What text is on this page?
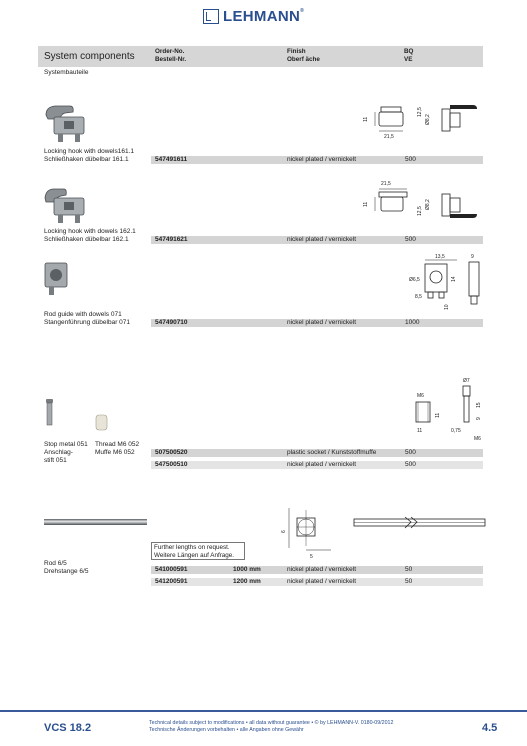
LEHMANN®
System components	Order-No.
Bestell-Nr.
Finish
Oberf äche
BQ
VE
Systembauteile
11
21,5
12,5
Ø8,2
Locking hook with dowels161.1
Schließhaken dübelbar 161.1	547491611	nickel plated / vernickelt	500
21,5
11
12,5
Ø8,2
Locking hook with dowels 162.1
Schließhaken dübelbar 162.1	547491621	nickel plated / vernickelt	500
13,5	9
Ø6,5	14
8,5
10
Rod guide with dowels 071
Stangenführung dübelbar 071	547490710	nickel plated / vernickelt	1000
M6
11
11
Ø7
15
9
0,75
M6
Stop metal 051
Anschlag-
stift 051
Thread M6 052
Muffe M6 052	507500520	plastic socket / Kunststoffmuffe	500
547500510	nickel plated / vernickelt	500
6
5
Further lengths on request.
Weitere Längen auf Anfrage.
Rod 6/5
Drehstange 6/5	541000591	1000 mm	nickel plated / vernickelt	50
541200591	1200 mm	nickel plated / vernickelt	50
VCS 18.2	Technical details subject to modifications • all data without guarantee • © by LEHMANN-V. 0180-09/2012
Technische Änderungen vorbehalten • alle Angaben ohne Gewähr	4.5
